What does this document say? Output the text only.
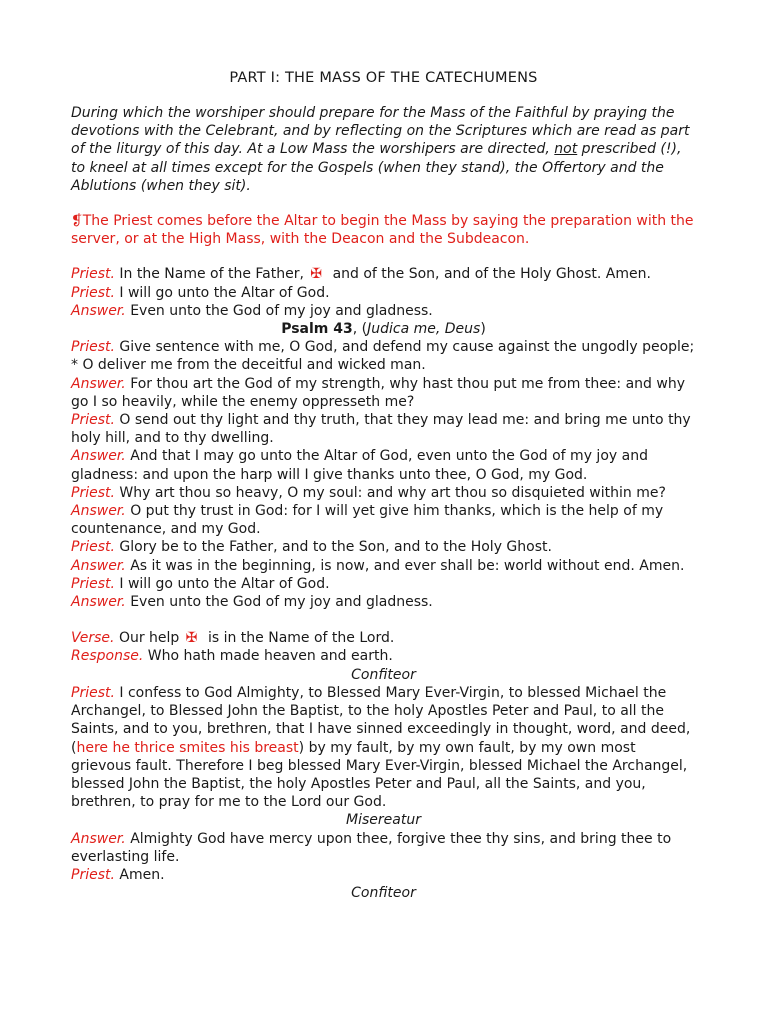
PART I: THE MASS OF THE CATECHUMENS

During which the worshiper should prepare for the Mass of the Faithful by praying the devotions with the Celebrant, and by reflecting on the Scriptures which are read as part of the liturgy of this day. At a Low Mass the worshipers are directed, not prescribed (!), to kneel at all times except for the Gospels (when they stand), the Offertory and the Ablutions (when they sit).

❡The Priest comes before the Altar to begin the Mass by saying the preparation with the server, or at the High Mass, with the Deacon and the Subdeacon.

Priest. In the Name of the Father, ✠ and of the Son, and of the Holy Ghost. Amen.

Priest. I will go unto the Altar of God.

Answer. Even unto the God of my joy and gladness.

Psalm 43, (Judica me, Deus)

Priest. Give sentence with me, O God, and defend my cause against the ungodly people; * O deliver me from the deceitful and wicked man.

Answer. For thou art the God of my strength, why hast thou put me from thee: and why go I so heavily, while the enemy oppresseth me?

Priest. O send out thy light and thy truth, that they may lead me: and bring me unto thy holy hill, and to thy dwelling.

Answer. And that I may go unto the Altar of God, even unto the God of my joy and gladness: and upon the harp will I give thanks unto thee, O God, my God.

Priest. Why art thou so heavy, O my soul: and why art thou so disquieted within me?

Answer. O put thy trust in God: for I will yet give him thanks, which is the help of my countenance, and my God.

Priest. Glory be to the Father, and to the Son, and to the Holy Ghost.

Answer. As it was in the beginning, is now, and ever shall be: world without end. Amen.

Priest. I will go unto the Altar of God.

Answer. Even unto the God of my joy and gladness.

Verse. Our help ✠ is in the Name of the Lord.

Response. Who hath made heaven and earth.

Confiteor

Priest. I confess to God Almighty, to Blessed Mary Ever-Virgin, to blessed Michael the Archangel, to Blessed John the Baptist, to the holy Apostles Peter and Paul, to all the Saints, and to you, brethren, that I have sinned exceedingly in thought, word, and deed, (here he thrice smites his breast) by my fault, by my own fault, by my own most grievous fault. Therefore I beg blessed Mary Ever-Virgin, blessed Michael the Archangel, blessed John the Baptist, the holy Apostles Peter and Paul, all the Saints, and you, brethren, to pray for me to the Lord our God.

Misereatur

Answer. Almighty God have mercy upon thee, forgive thee thy sins, and bring thee to everlasting life.

Priest. Amen.

Confiteor
